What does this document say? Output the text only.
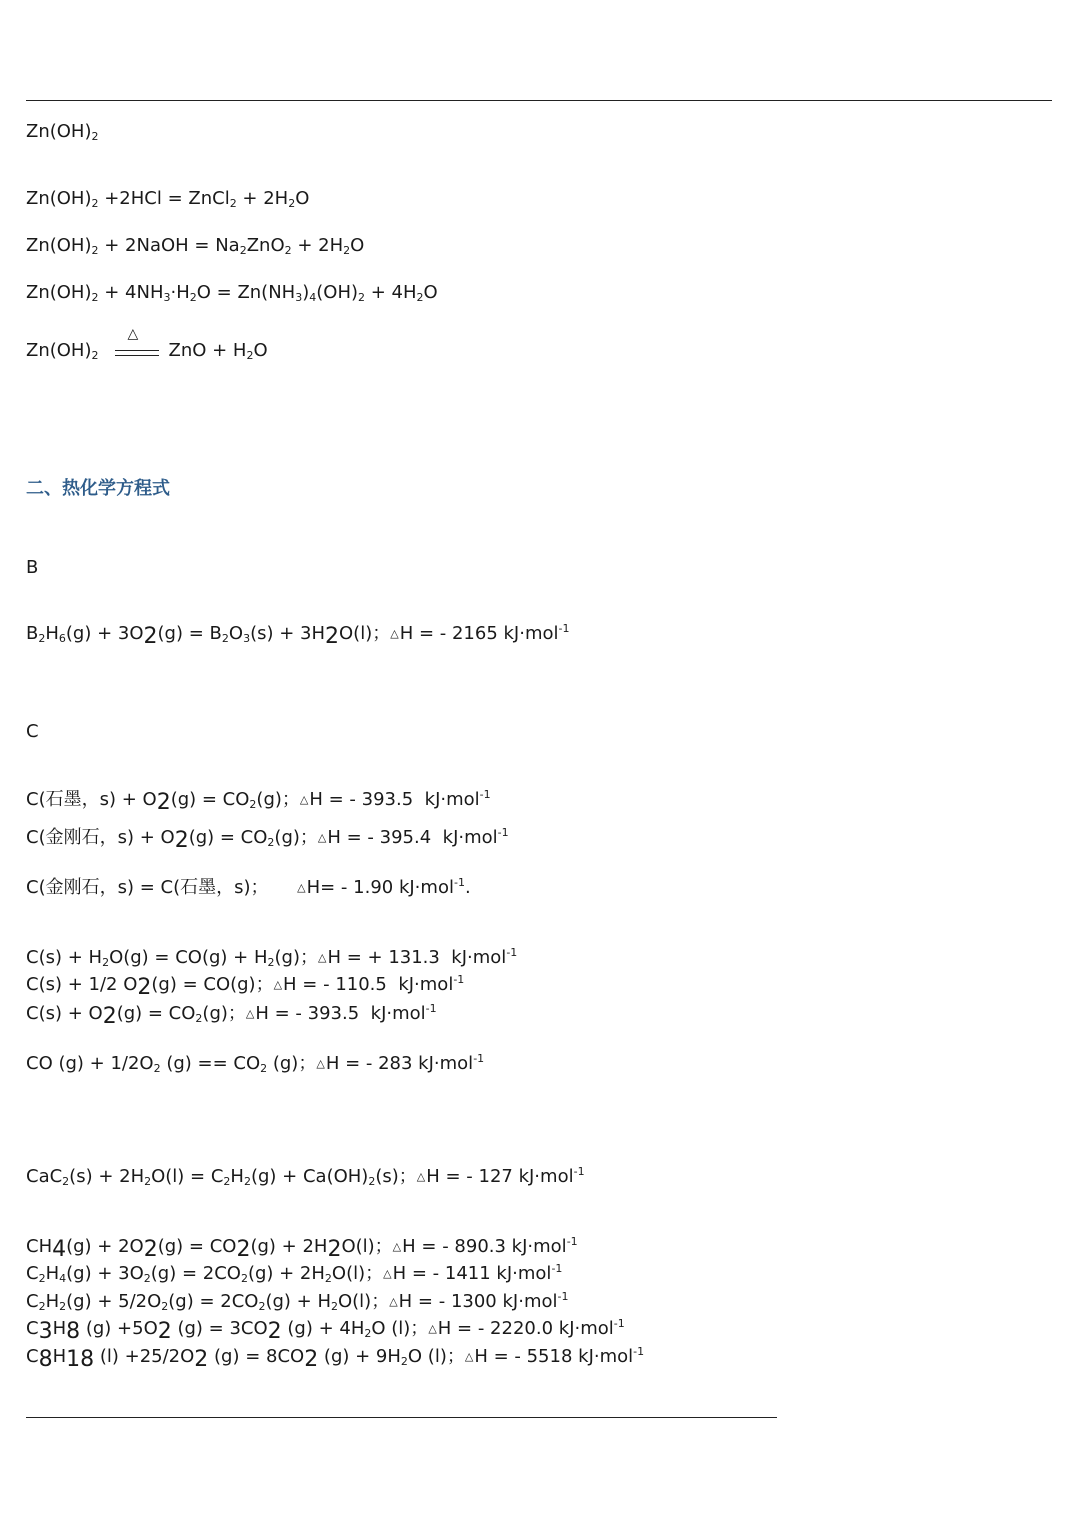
$Zn(OH)_2$
$Zn(OH)_2 +2HCl$ = ZnCl$_2$ + $2H_2O$
$Zn(OH)_2$ + 2NaOH = $Na_2ZnO_2 + 2H_2O$
$Zn(OH)_2 + 4NH_3\cdot H_2O = Zn(NH_3)_4(OH)_2 + 4H_2O$
$Zn(OH)_2$
△
ZnO + $H_2O$
二、热化学方程式
B
$B_2H_6(g) + 3O2(g) = B_2O_3(s) + 3H2O(l)$；△H = - 2165 kJ·mol$^{-1}$
C
C(石墨，$s) + O2(g) = CO_2(g)$；△H = - 393.5  kJ·mol$^{-1}$
C(金刚石，$s) + O2(g) = CO_2(g)$；△H = - 395.4  kJ·mol$^{-1}$
C(金刚石，s) = C(石墨，s)；     △H= - 1.90 kJ·mol$^{-1}$.
$C(s) + H_2O(g) = CO(g) + H_2(g)$；△H = + 131.3  kJ·mol$^{-1}$
C(s) + 1/2 O2(g) = CO(g)；△H = - 110.5  kJ·mol$^{-1}$
$C(s) + O2(g) = CO_2(g)$；△H = - 393.5  kJ·mol$^{-1}$
CO $(g) + 1/2O_2$ $(g) == CO_2$ (g)；△H = - 283 kJ·mol$^{-1}$
$CaC_2(s) + 2H_2O(l) = C_2H_2(g) + Ca(OH)_2(s)$；△H = - 127 kJ·mol$^{-1}$
CH4(g) + 2O2(g) = CO2(g) + 2H2O(l)；△H = - 890.3 kJ·mol$^{-1}$
$C_2H_4(g) + 3O_2(g) = 2CO_2(g) + 2H_2O(l)$；△H = - 1411 kJ·mol$^{-1}$
$C_2H_2(g) + 5/2O_2(g) = 2CO_2(g) + H_2O(l)$；△H = - 1300 kJ·mol$^{-1}$
C3H8 (g) +5O2 (g) = 3CO2 $(g) + 4H_2O$ (l)；△H = - 2220.0 kJ·mol$^{-1}$
C8H18 (l) +25/2O2 (g) = 8CO2 $(g) + 9H_2O$ (l)；△H = - 5518 kJ·mol$^{-1}$
